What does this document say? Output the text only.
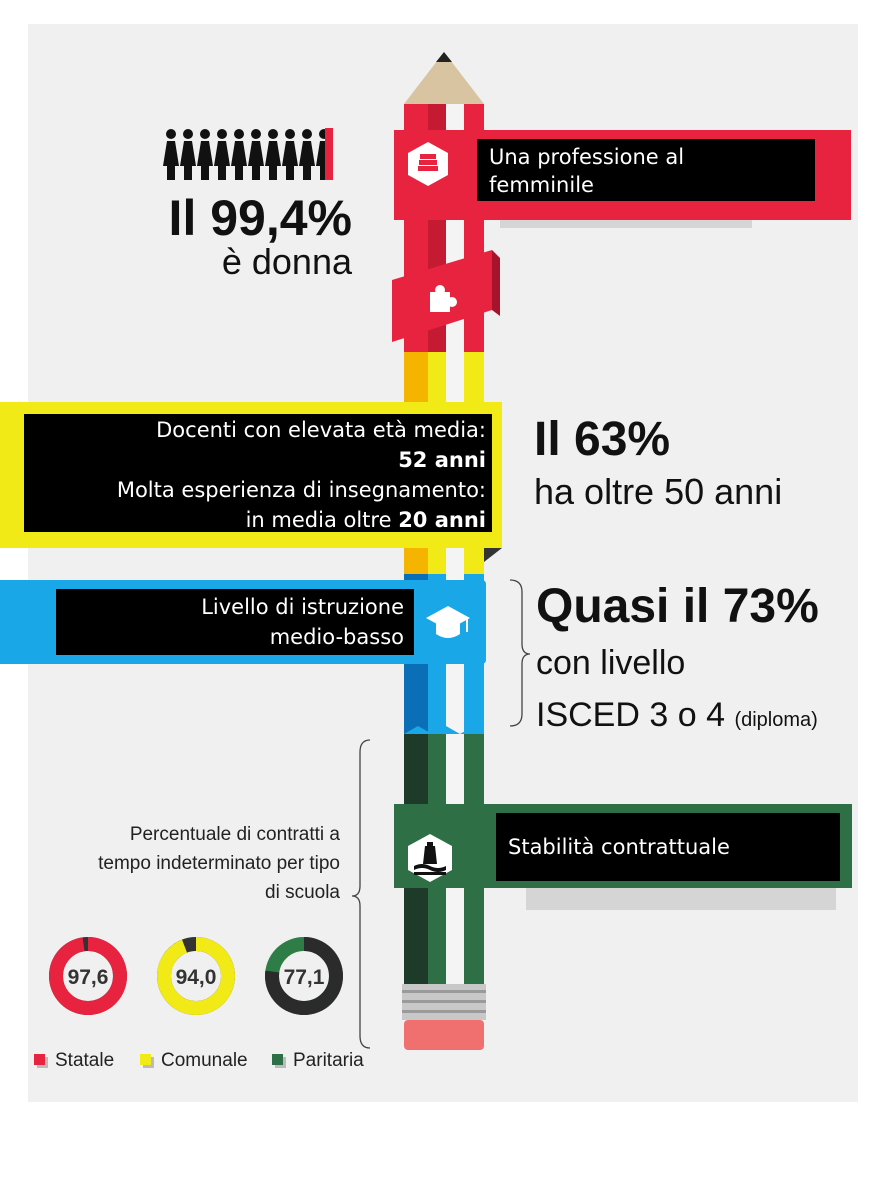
Il 99,4%
è donna
Una professione al
femminile
Docenti con elevata età media:
52 anni
Molta esperienza di insegnamento:
in media oltre 20 anni
Il 63%
ha oltre 50 anni
Livello di istruzione
medio-basso
Quasi il 73%
con livello
ISCED 3 o 4 (diploma)
Stabilità contrattuale
Percentuale di contratti a
tempo indeterminato per tipo
di scuola
97,6	94,0	77,1
Statale	Comunale	Paritaria
